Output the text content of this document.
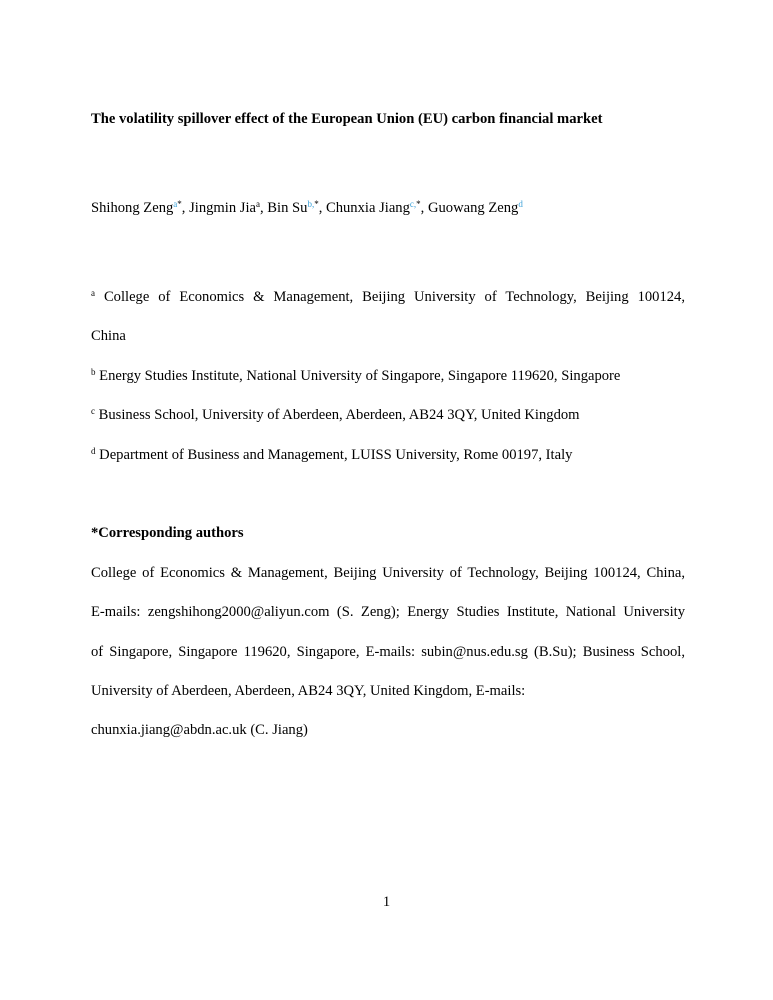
The volatility spillover effect of the European Union (EU) carbon financial market
Shihong Zeng$^{a*}$, Jingmin Jia$^a$, Bin $Su^{b,*}$, Chunxia Jiang$^{c,*}$, Guowang Zeng$^d$
$^a$ College of Economics & Management, Beijing University of Technology, Beijing 100124,
China
$^b$ Energy Studies Institute, National University of Singapore, Singapore 119620, Singapore
$^c$ Business School, University of Aberdeen, Aberdeen, AB24 3QY, United Kingdom
$^d$ Department of Business and Management, LUISS University, Rome 00197, Italy
*Corresponding authors
College of Economics & Management, Beijing University of Technology, Beijing 100124, China,
E-mails: zengshihong2000@aliyun.com (S. Zeng); Energy Studies Institute, National University
of Singapore, Singapore 119620, Singapore, E-mails: subin@nus.edu.sg (B.Su); Business School,
University of Aberdeen, Aberdeen, AB24 3QY, United Kingdom, E-mails:
chunxia.jiang@abdn.ac.uk (C. Jiang)
1
